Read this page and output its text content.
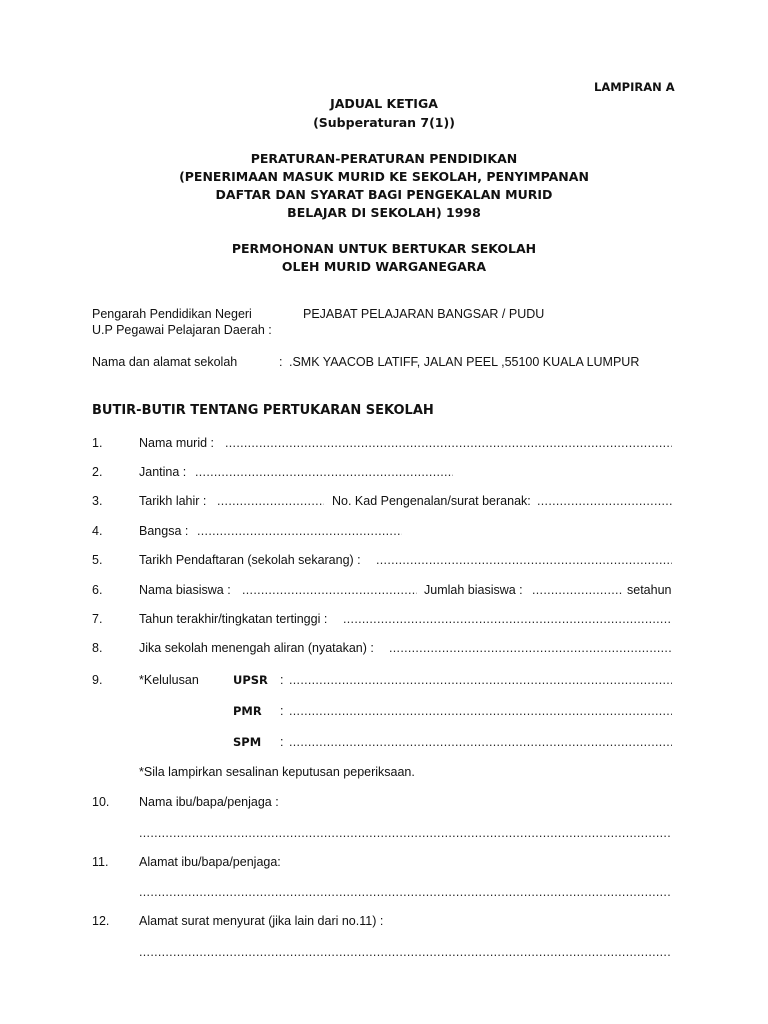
LAMPIRAN A
JADUAL KETIGA
(Subperaturan 7(1))
PERATURAN-PERATURAN PENDIDIKAN
(PENERIMAAN MASUK MURID KE SEKOLAH, PENYIMPANAN
DAFTAR DAN SYARAT BAGI PENGEKALAN MURID
BELAJAR DI SEKOLAH) 1998
PERMOHONAN UNTUK BERTUKAR SEKOLAH
OLEH MURID WARGANEGARA
Pengarah Pendidikan Negeri	PEJABAT PELAJARAN BANGSAR / PUDU
U.P Pegawai Pelajaran Daerah :
Nama dan alamat sekolah	: .SMK YAACOB LATIFF, JALAN PEEL ,55100 KUALA LUMPUR
BUTIR-BUTIR TENTANG PERTUKARAN SEKOLAH
1.	Nama murid :
.....
2.	Jantina :
.....
3.	Tarikh lahir : .....	No. Kad Pengenalan/surat beranak:
.....
4.	Bangsa :
.....
5.	Tarikh Pendaftaran (sekolah sekarang) :
.....
6.	Nama biasiswa : .....	Jumlah biasiswa : .....	setahun
7.	Tahun terakhir/tingkatan tertinggi :
.....
8.	Jika sekolah menengah aliran (nyatakan) :
.....
9.	*Kelulusan	UPSR :
.....
PMR :
.....
SPM :
.....
*Sila lampirkan sesalinan keputusan peperiksaan.
10. Nama ibu/bapa/penjaga :
.....
11. Alamat ibu/bapa/penjaga:
.....
12. Alamat surat menyurat (jika lain dari no.11) :
.....
